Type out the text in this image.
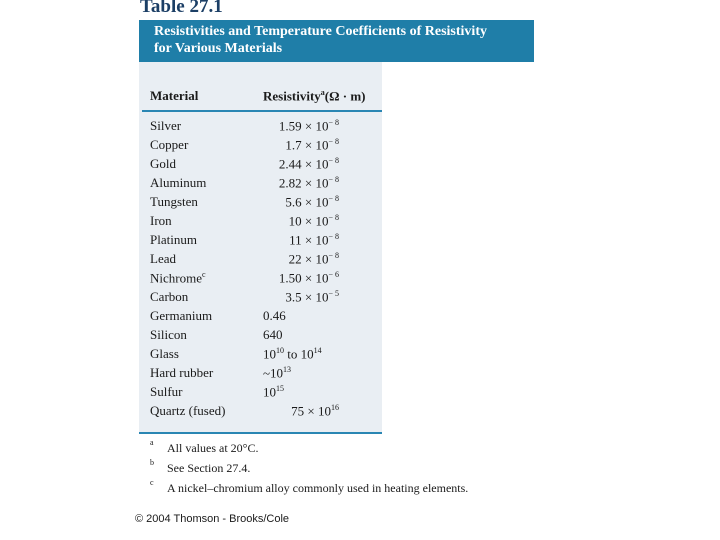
Table 27.1
Resistivities and Temperature Coefficients of Resistivity
for Various Materials
Material	Resistivity$^a$(Ω · m)
Silver	$1.59 \times 10^{- 8}$
Copper	$1.7 \times 10^{- 8}$
Gold	$2.44 \times 10^{- 8}$
Aluminum	$2.82 \times 10^{- 8}$
Tungsten	$5.6 \times 10^{- 8}$
Iron	$10 \times 10^{- 8}$
Platinum	$11 \times 10^{- 8}$
Lead	$22 \times 10^{- 8}$
Nichrome$^c$	$1.50 \times 10^{- 6}$
Carbon	$3.5 \times 10^{- 5}$
Germanium	0.46
Silicon	640
Glass	$10^{10}$ to $10^{14}$
Hard rubber	$\sim 10^{13}$
Sulfur	$10^{15}$
Quartz (fused)	$75 \times 10^{16}$
a All values at 20°C.
b See Section 27.4.
c A nickel–chromium alloy commonly used in heating elements.
© 2004 Thomson - Brooks/Cole
